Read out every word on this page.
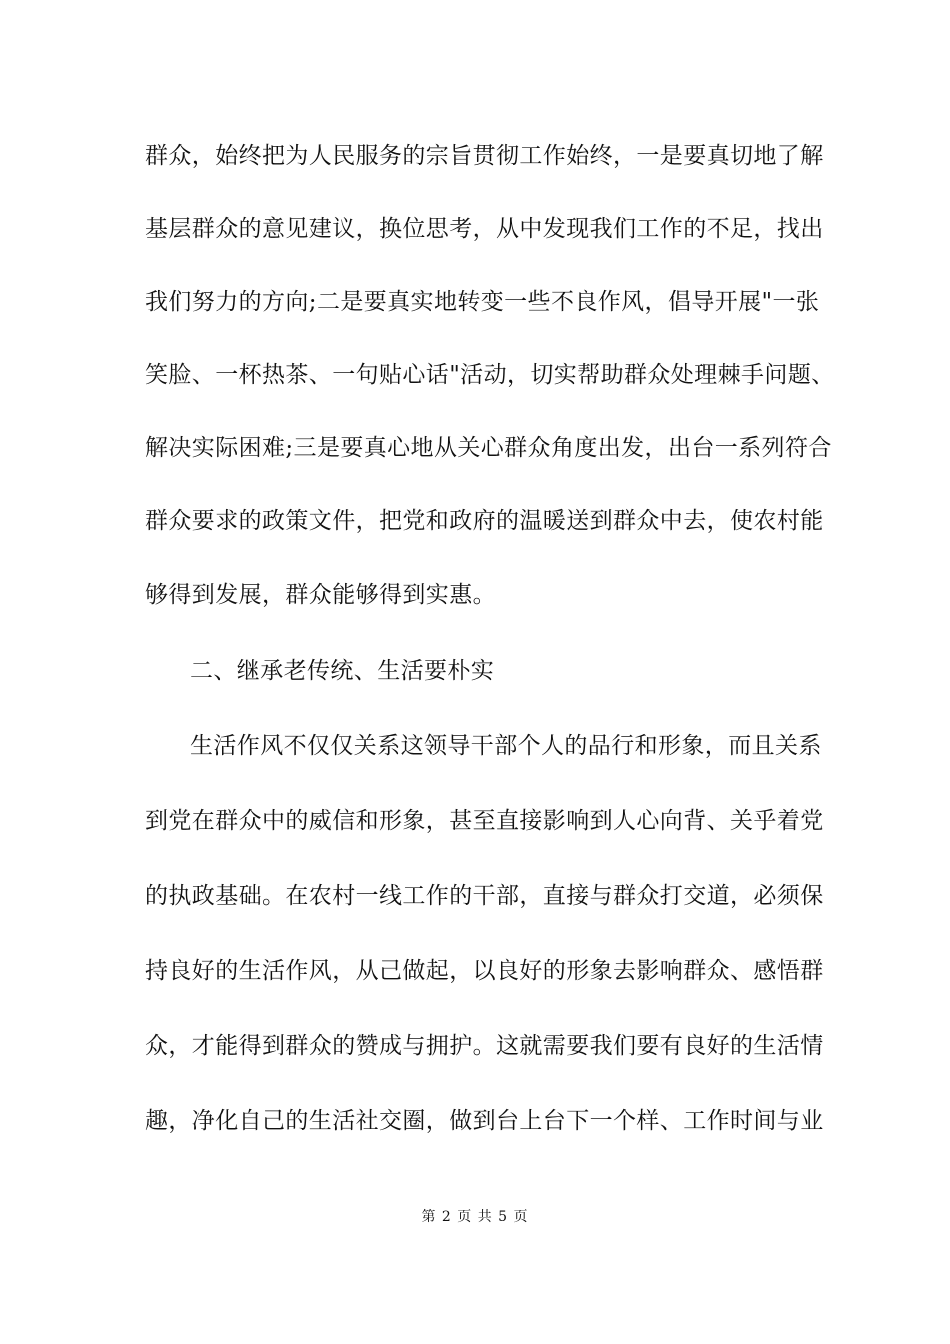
群众，始终把为人民服务的宗旨贯彻工作始终，一是要真切地了解
基层群众的意见建议，换位思考，从中发现我们工作的不足，找出
我们努力的方向;二是要真实地转变一些不良作风，倡导开展"一张
笑脸、一杯热茶、一句贴心话"活动，切实帮助群众处理棘手问题、
解决实际困难;三是要真心地从关心群众角度出发，出台一系列符合
群众要求的政策文件，把党和政府的温暖送到群众中去，使农村能
够得到发展，群众能够得到实惠。
二、继承老传统、生活要朴实
生活作风不仅仅关系这领导干部个人的品行和形象，而且关系
到党在群众中的威信和形象，甚至直接影响到人心向背、关乎着党
的执政基础。在农村一线工作的干部，直接与群众打交道，必须保
持良好的生活作风，从己做起，以良好的形象去影响群众、感悟群
众，才能得到群众的赞成与拥护。这就需要我们要有良好的生活情
趣，净化自己的生活社交圈，做到台上台下一个样、工作时间与业
第 2 页 共 5 页
